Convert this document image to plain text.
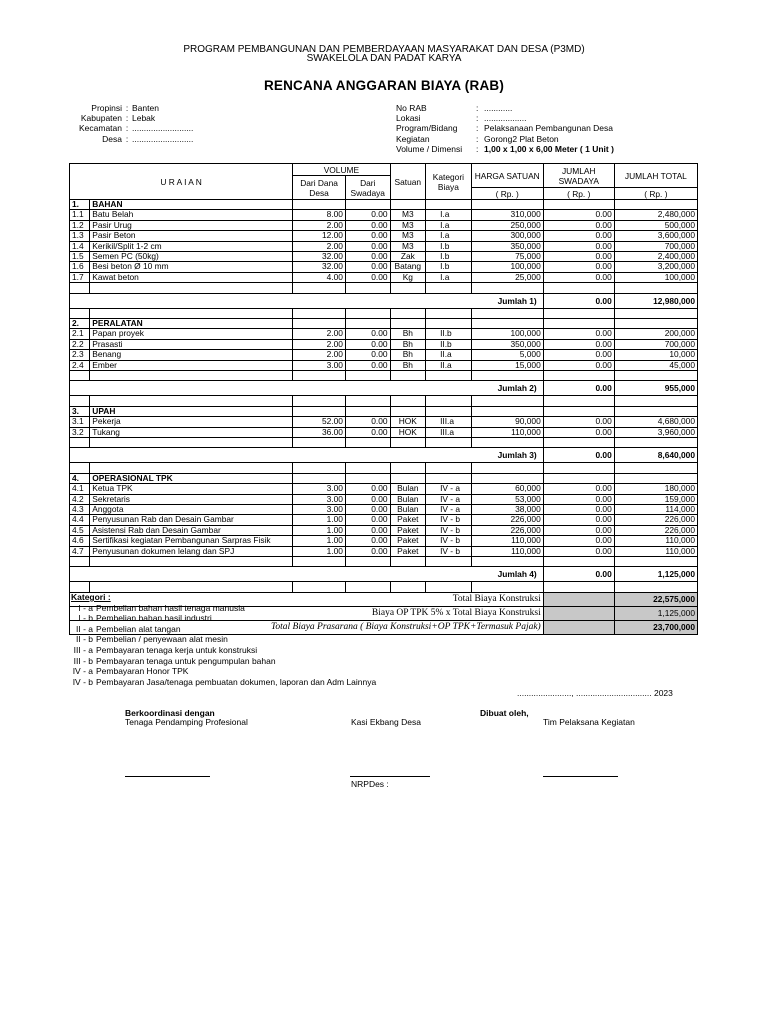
PROGRAM PEMBANGUNAN DAN PEMBERDAYAAN MASYARAKAT DAN DESA (P3MD)
SWAKELOLA DAN PADAT KARYA
RENCANA ANGGARAN BIAYA (RAB)
Propinsi : Banten
Kabupaten : Lebak
Kecamatan : ..........................
Desa : ..........................
No RAB	: ............
Lokasi	: ..................
Program/Bidang	: Pelaksanaan Pembangunan Desa
Kegiatan	: Gorong2 Plat Beton
Volume / Dimensi	: 1,00 x 1,00 x 6,00 Meter ( 1 Unit )
U R A I A N		VOLUME		Satuan	Kategori Biaya	HARGA SATUAN	JUMLAH SWADAYA	JUMLAH TOTAL
		Dari Dana Desa	Dari Swadaya					
						( Rp. )	( Rp. )	( Rp. )
1.	BAHAN							
1.1	Batu Belah	8.00	0.00	M3	I.a	310,000	0.00	2,480,000
1.2	Pasir Urug	2.00	0.00	M3	I.a	250,000	0.00	500,000
1.3	Pasir Beton	12.00	0.00	M3	I.a	300,000	0.00	3,600,000
1.4	Kerikil/Split 1-2 cm	2.00	0.00	M3	I.b	350,000	0.00	700,000
1.5	Semen PC (50kg)	32.00	0.00	Zak	I.b	75,000	0.00	2,400,000
1.6	Besi beton Ø 10 mm	32.00	0.00	Batang	I.b	100,000	0.00	3,200,000
1.7	Kawat beton	4.00	0.00	Kg	I.a	25,000	0.00	100,000

Jumlah 1)							0.00	12,980,000

2.	PERALATAN							
2.1	Papan proyek	2.00	0.00	Bh	II.b	100,000	0.00	200,000
2.2	Prasasti	2.00	0.00	Bh	II.b	350,000	0.00	700,000
2.3	Benang	2.00	0.00	Bh	II.a	5,000	0.00	10,000
2.4	Ember	3.00	0.00	Bh	II.a	15,000	0.00	45,000

Jumlah 2)							0.00	955,000

3.	UPAH							
3.1	Pekerja	52.00	0.00	HOK	III.a	90,000	0.00	4,680,000
3.2	Tukang	36.00	0.00	HOK	III.a	110,000	0.00	3,960,000

Jumlah 3)							0.00	8,640,000

4.	OPERASIONAL TPK							
4.1	Ketua TPK	3.00	0.00	Bulan	IV - a	60,000	0.00	180,000
4.2	Sekretaris	3.00	0.00	Bulan	IV - a	53,000	0.00	159,000
4.3	Anggota	3.00	0.00	Bulan	IV - a	38,000	0.00	114,000
4.4	Penyusunan Rab dan Desain Gambar	1.00	0.00	Paket	IV - b	226,000	0.00	226,000
4.5	Asistensi Rab dan Desain Gambar	1.00	0.00	Paket	IV - b	226,000	0.00	226,000
4.6	Sertifikasi kegiatan Pembangunan Sarpras Fisik	1.00	0.00	Paket	IV - b	110,000	0.00	110,000
4.7	Penyusunan dokumen lelang dan SPJ	1.00	0.00	Paket	IV - b	110,000	0.00	110,000

Jumlah 4)							0.00	1,125,000

Total Biaya Konstruksi								22,575,000
Biaya OP TPK 5% x Total Biaya Konstruksi								1,125,000
Total Biaya Prasarana ( Biaya Konstruksi+OP TPK+Termasuk Pajak)								23,700,000
Kategori :
I - a Pembelian bahan hasil tenaga manusia
I - b Pembelian bahan hasil industri
II - a Pembelian alat tangan
II - b Pembelian / penyewaan alat mesin
III - a Pembayaran tenaga kerja untuk konstruksi
III - b Pembayaran tenaga untuk pengumpulan bahan
IV - a Pembayaran Honor TPK
IV - b Pembayaran Jasa/tenaga pembuatan dokumen, laporan dan Adm Lainnya
......................., ................................ 2023
Berkoordinasi dengan	Dibuat oleh,
Tenaga Pendamping Profesional	Kasi Ekbang Desa	Tim Pelaksana Kegiatan
NRPDes :
